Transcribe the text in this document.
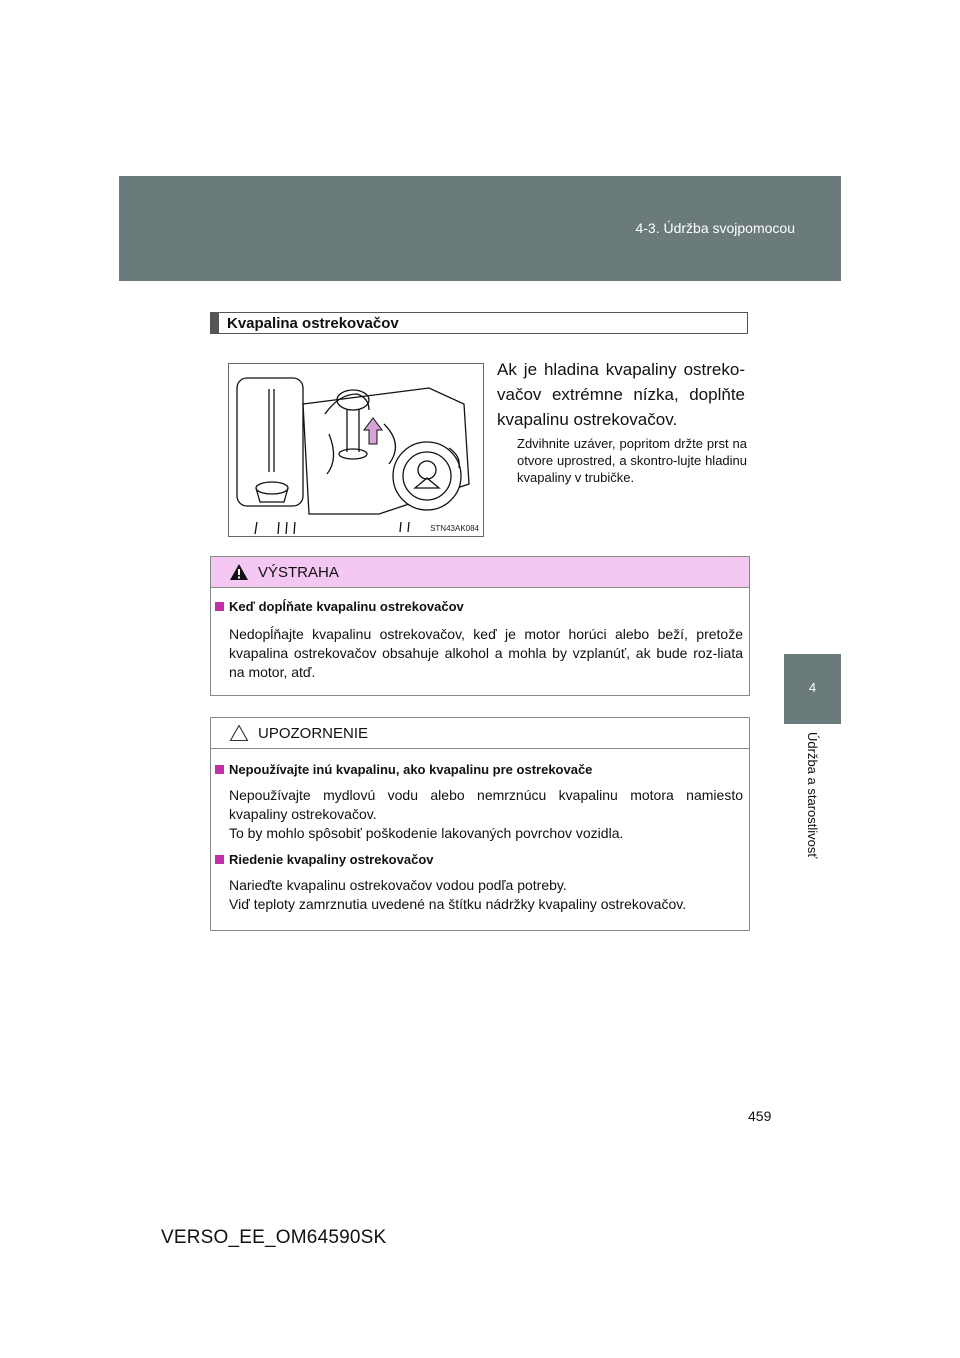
4-3. Údržba svojpomocou
4
Údržba a starostlivosť
Kvapalina ostrekovačov
STN43AK084
Ak je hladina kvapaliny ostreko-vačov extrémne nízka, doplňte kvapalinu ostrekovačov.
Zdvihnite uzáver, popritom držte prst na otvore uprostred, a skontro-lujte hladinu kvapaliny v trubičke.
VÝSTRAHA
Keď dopĺňate kvapalinu ostrekovačov
Nedopĺňajte kvapalinu ostrekovačov, keď je motor horúci alebo beží, pretože kvapalina ostrekovačov obsahuje alkohol a mohla by vzplanúť, ak bude roz-liata na motor, atď.
UPOZORNENIE
Nepoužívajte inú kvapalinu, ako kvapalinu pre ostrekovače
Nepoužívajte mydlovú vodu alebo nemrznúcu kvapalinu motora namiesto kvapaliny ostrekovačov.
To by mohlo spôsobiť poškodenie lakovaných povrchov vozidla.
Riedenie kvapaliny ostrekovačov
Narieďte kvapalinu ostrekovačov vodou podľa potreby.
Viď teploty zamrznutia uvedené na štítku nádržky kvapaliny ostrekovačov.
459
VERSO_EE_OM64590SK
